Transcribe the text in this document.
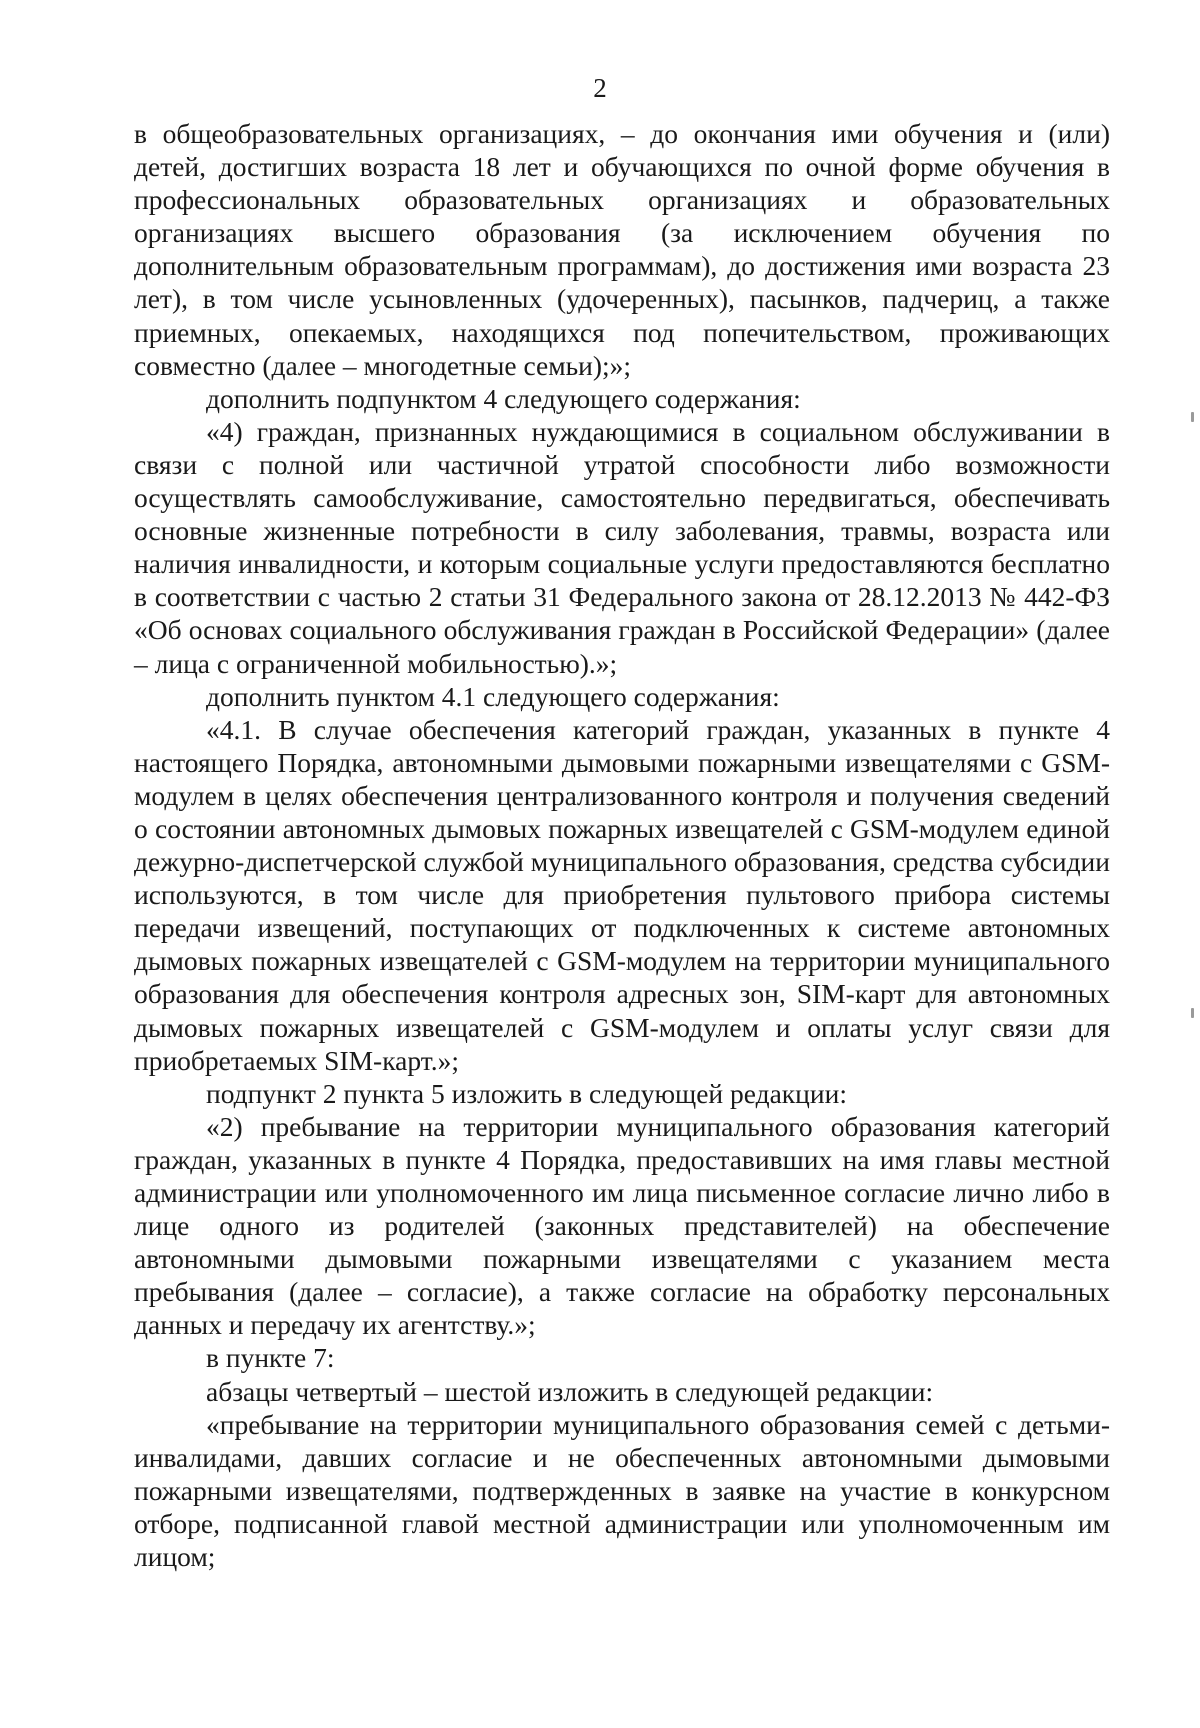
2

в общеобразовательных организациях, – до окончания ими обучения и (или) детей, достигших возраста 18 лет и обучающихся по очной форме обучения в профессиональных образовательных организациях и образовательных организациях высшего образования (за исключением обучения по дополнительным образовательным программам), до достижения ими возраста 23 лет), в том числе усыновленных (удочеренных), пасынков, падчериц, а также приемных, опекаемых, находящихся под попечительством, проживающих совместно (далее – многодетные семьи);»;

дополнить подпунктом 4 следующего содержания:

«4) граждан, признанных нуждающимися в социальном обслуживании в связи с полной или частичной утратой способности либо возможности осуществлять самообслуживание, самостоятельно передвигаться, обеспечивать основные жизненные потребности в силу заболевания, травмы, возраста или наличия инвалидности, и которым социальные услуги предоставляются бесплатно в соответствии с частью 2 статьи 31 Федерального закона от 28.12.2013 № 442-ФЗ «Об основах социального обслуживания граждан в Российской Федерации» (далее – лица с ограниченной мобильностью).»;

дополнить пунктом 4.1 следующего содержания:

«4.1. В случае обеспечения категорий граждан, указанных в пункте 4 настоящего Порядка, автономными дымовыми пожарными извещателями с GSM-модулем в целях обеспечения централизованного контроля и получения сведений о состоянии автономных дымовых пожарных извещателей с GSM-модулем единой дежурно-диспетчерской службой муниципального образования, средства субсидии используются, в том числе для приобретения пультового прибора системы передачи извещений, поступающих от подключенных к системе автономных дымовых пожарных извещателей с GSM-модулем на территории муниципального образования для обеспечения контроля адресных зон, SIM-карт для автономных дымовых пожарных извещателей с GSM-модулем и оплаты услуг связи для приобретаемых SIM-карт.»;

подпункт 2 пункта 5 изложить в следующей редакции:

«2) пребывание на территории муниципального образования категорий граждан, указанных в пункте 4 Порядка, предоставивших на имя главы местной администрации или уполномоченного им лица письменное согласие лично либо в лице одного из родителей (законных представителей) на обеспечение автономными дымовыми пожарными извещателями с указанием места пребывания (далее – согласие), а также согласие на обработку персональных данных и передачу их агентству.»;

в пункте 7:

абзацы четвертый – шестой изложить в следующей редакции:

«пребывание на территории муниципального образования семей с детьми-инвалидами, давших согласие и не обеспеченных автономными дымовыми пожарными извещателями, подтвержденных в заявке на участие в конкурсном отборе, подписанной главой местной администрации или уполномоченным им лицом;
